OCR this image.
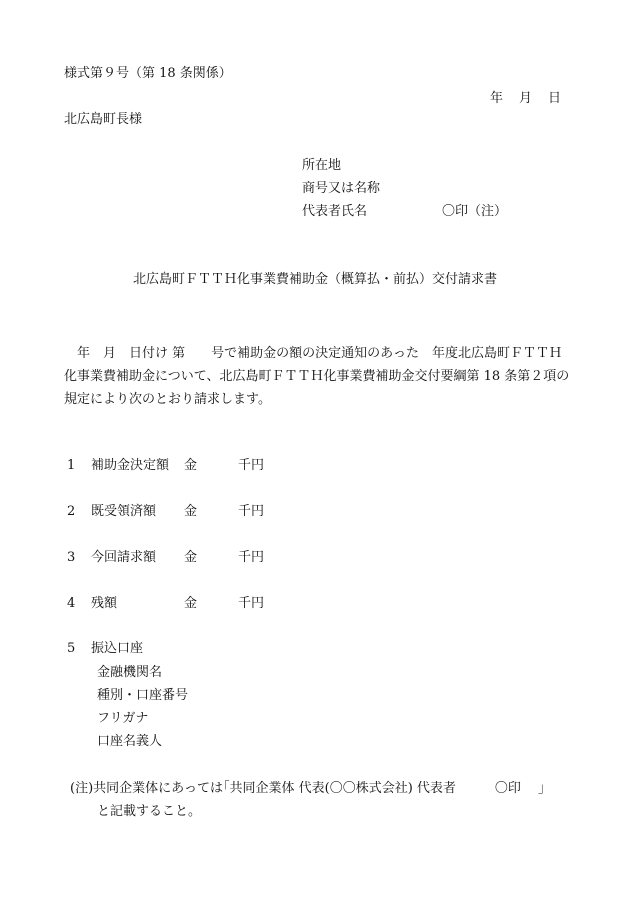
様式第９号（第 18 条関係）
年 月 日
北広島町長様
所在地
商号又は名称
代表者氏名	〇印（注）
北広島町ＦＴＴＨ化事業費補助金（概算払・前払）交付請求書
　年　月　日付け 第　　号で補助金の額の決定通知のあった　年度北広島町ＦＴＴＨ化事業費補助金について、北広島町ＦＴＴＨ化事業費補助金交付要綱第 18 条第２項の規定により次のとおり請求します。
1 補助金決定額 金	千円
2 既受領済額 金	千円
3 今回請求額 金	千円
4 残額	金	千円
5 振込口座
金融機関名
種別・口座番号
フリガナ
口座名義人
(注)共同企業体にあっては｢共同企業体 代表(〇〇株式会社) 代表者　　　〇印　 ｣
と記載すること。
